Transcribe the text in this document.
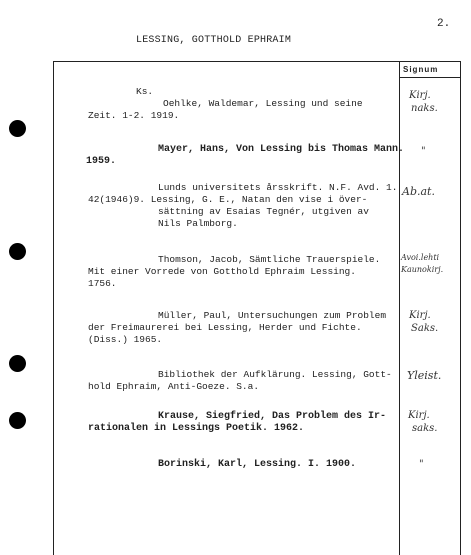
2.
LESSING, GOTTHOLD EPHRAIM
Signum
Ks.
Oehlke, Waldemar, Lessing und seine
Zeit. 1-2. 1919.
Kirj.
naks.
Mayer, Hans, Von Lessing bis Thomas Mann.
1959.
"
Lunds universitets årsskrift. N.F. Avd. 1.
42(1946)9. Lessing, G. E., Natan den vise i över-
sättning av Esaias Tegnér, utgiven av
Nils Palmborg.
Ab.at.
Thomson, Jacob, Sämtliche Trauerspiele.
Mit einer Vorrede von Gotthold Ephraim Lessing.
1756.
Avoi.lehti
Kaunokirj.
Müller, Paul, Untersuchungen zum Problem
der Freimaurerei bei Lessing, Herder und Fichte.
(Diss.) 1965.
Kirj.
Saks.
Bibliothek der Aufklärung. Lessing, Gott-
hold Ephraim, Anti-Goeze. S.a.
Yleist.
Krause, Siegfried, Das Problem des Ir-
rationalen in Lessings Poetik. 1962.
Kirj.
saks.
Borinski, Karl, Lessing. I. 1900.	"
